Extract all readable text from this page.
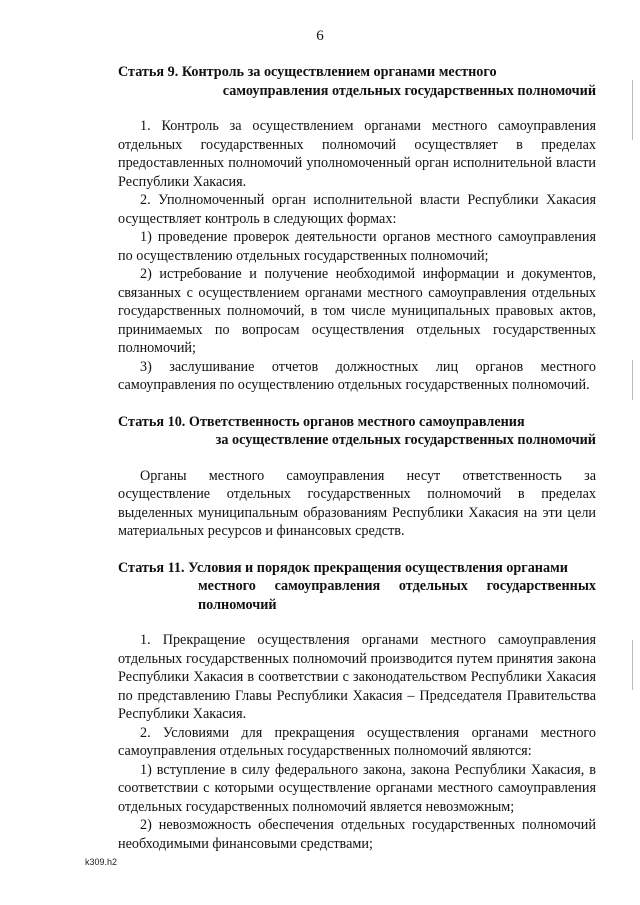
6
Статья 9. Контроль за осуществлением органами местного
самоуправления отдельных государственных полномочий

1. Контроль за осуществлением органами местного самоуправления отдельных государственных полномочий осуществляет в пределах предоставленных полномочий уполномоченный орган исполнительной власти Республики Хакасия.

2. Уполномоченный орган исполнительной власти Республики Хакасия осуществляет контроль в следующих формах:

1) проведение проверок деятельности органов местного самоуправления по осуществлению отдельных государственных полномочий;

2) истребование и получение необходимой информации и документов, связанных с осуществлением органами местного самоуправления отдельных государственных полномочий, в том числе муниципальных правовых актов, принимаемых по вопросам осуществления отдельных государственных полномочий;

3) заслушивание отчетов должностных лиц органов местного самоуправления по осуществлению отдельных государственных полномочий.

Статья 10. Ответственность органов местного самоуправления
за осуществление отдельных государственных полномочий

Органы местного самоуправления несут ответственность за осуществление отдельных государственных полномочий в пределах выделенных муниципальным образованиям Республики Хакасия на эти цели материальных ресурсов и финансовых средств.

Статья 11. Условия и порядок прекращения осуществления органами
местного самоуправления отдельных государственных полномочий

1. Прекращение осуществления органами местного самоуправления отдельных государственных полномочий производится путем принятия закона Республики Хакасия в соответствии с законодательством Республики Хакасия по представлению Главы Республики Хакасия – Председателя Правительства Республики Хакасия.

2. Условиями для прекращения осуществления органами местного самоуправления отдельных государственных полномочий являются:

1) вступление в силу федерального закона, закона Республики Хакасия, в соответствии с которыми осуществление органами местного самоуправления отдельных государственных полномочий является невозможным;

2) невозможность обеспечения отдельных государственных полномочий необходимыми финансовыми средствами;

k309.h2
